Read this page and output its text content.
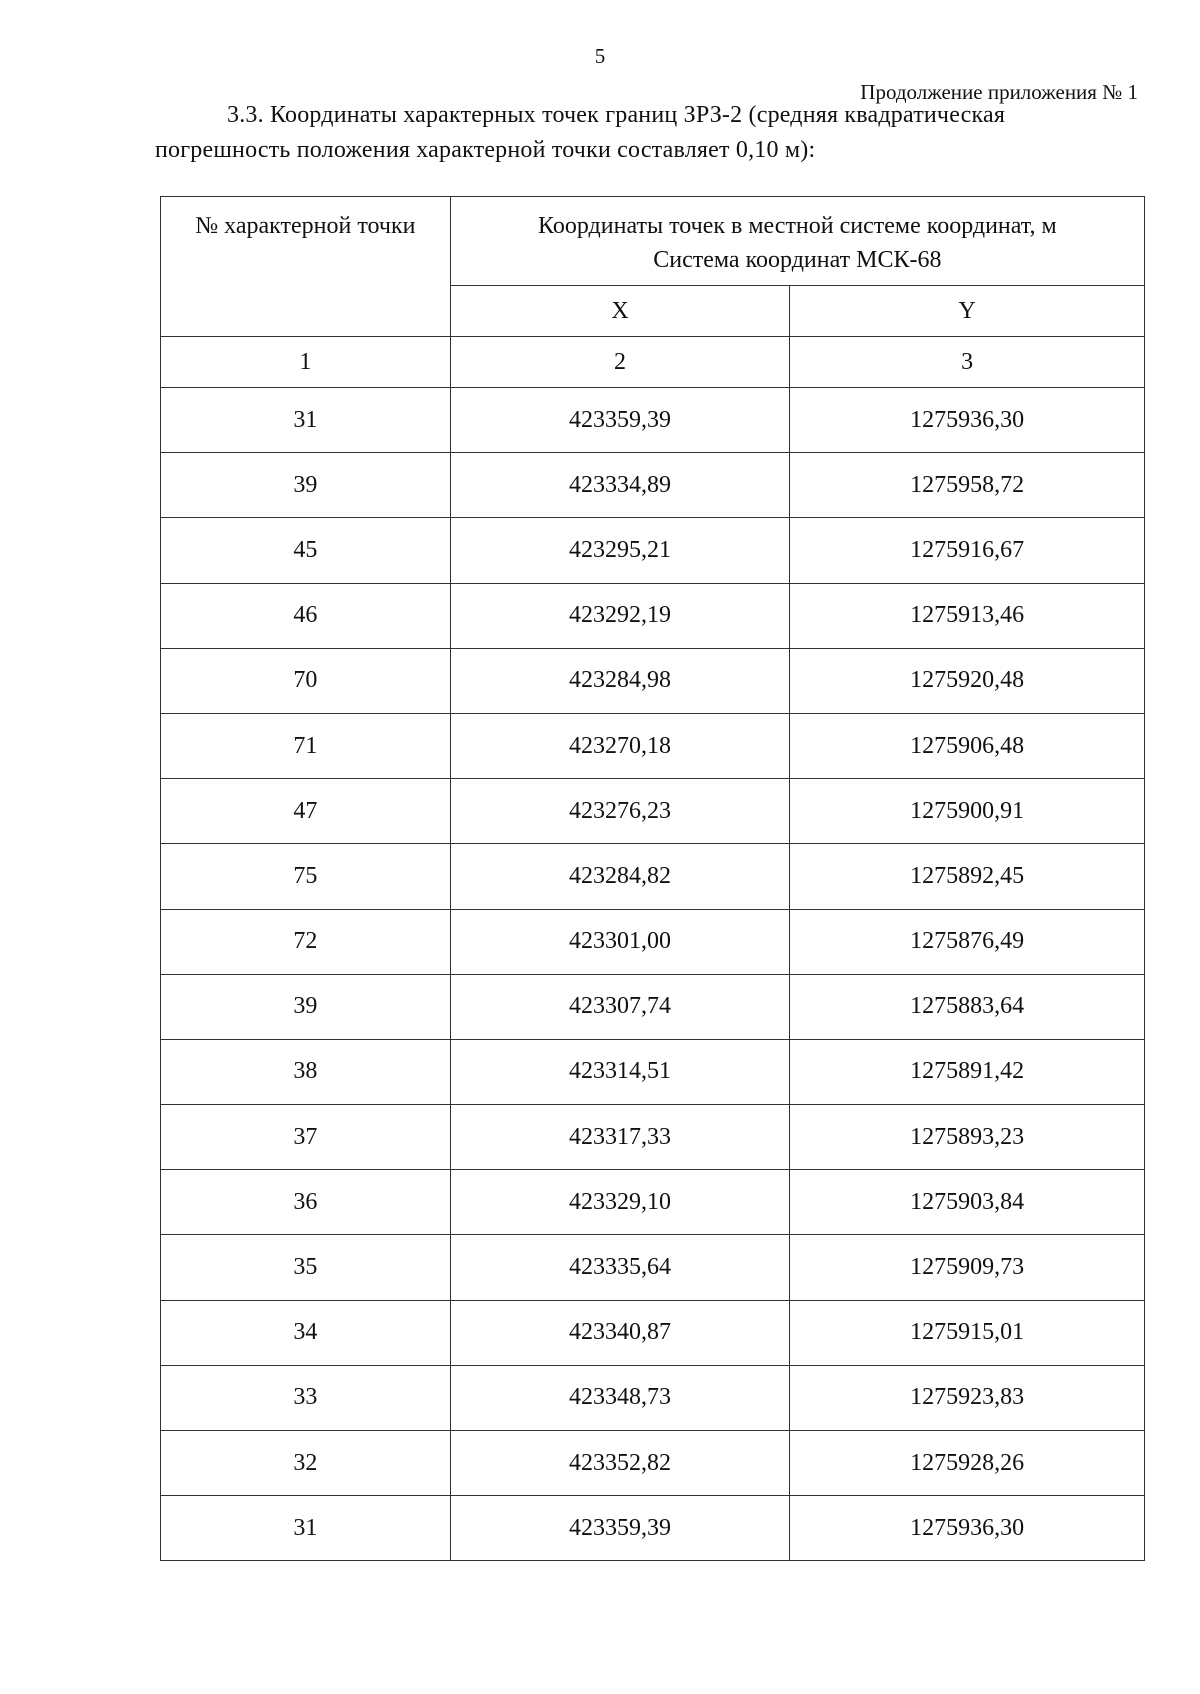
5
Продолжение приложения № 1
3.3. Координаты характерных точек границ ЗРЗ-2 (средняя квадратическая погрешность положения характерной точки составляет 0,10 м):
№ характерной точки	Координаты точек в местной системе координат, м
Система координат МСК-68	

	X	Y
1	2	3
31	423359,39	1275936,30
39	423334,89	1275958,72
45	423295,21	1275916,67
46	423292,19	1275913,46
70	423284,98	1275920,48
71	423270,18	1275906,48
47	423276,23	1275900,91
75	423284,82	1275892,45
72	423301,00	1275876,49
39	423307,74	1275883,64
38	423314,51	1275891,42
37	423317,33	1275893,23
36	423329,10	1275903,84
35	423335,64	1275909,73
34	423340,87	1275915,01
33	423348,73	1275923,83
32	423352,82	1275928,26
31	423359,39	1275936,30
